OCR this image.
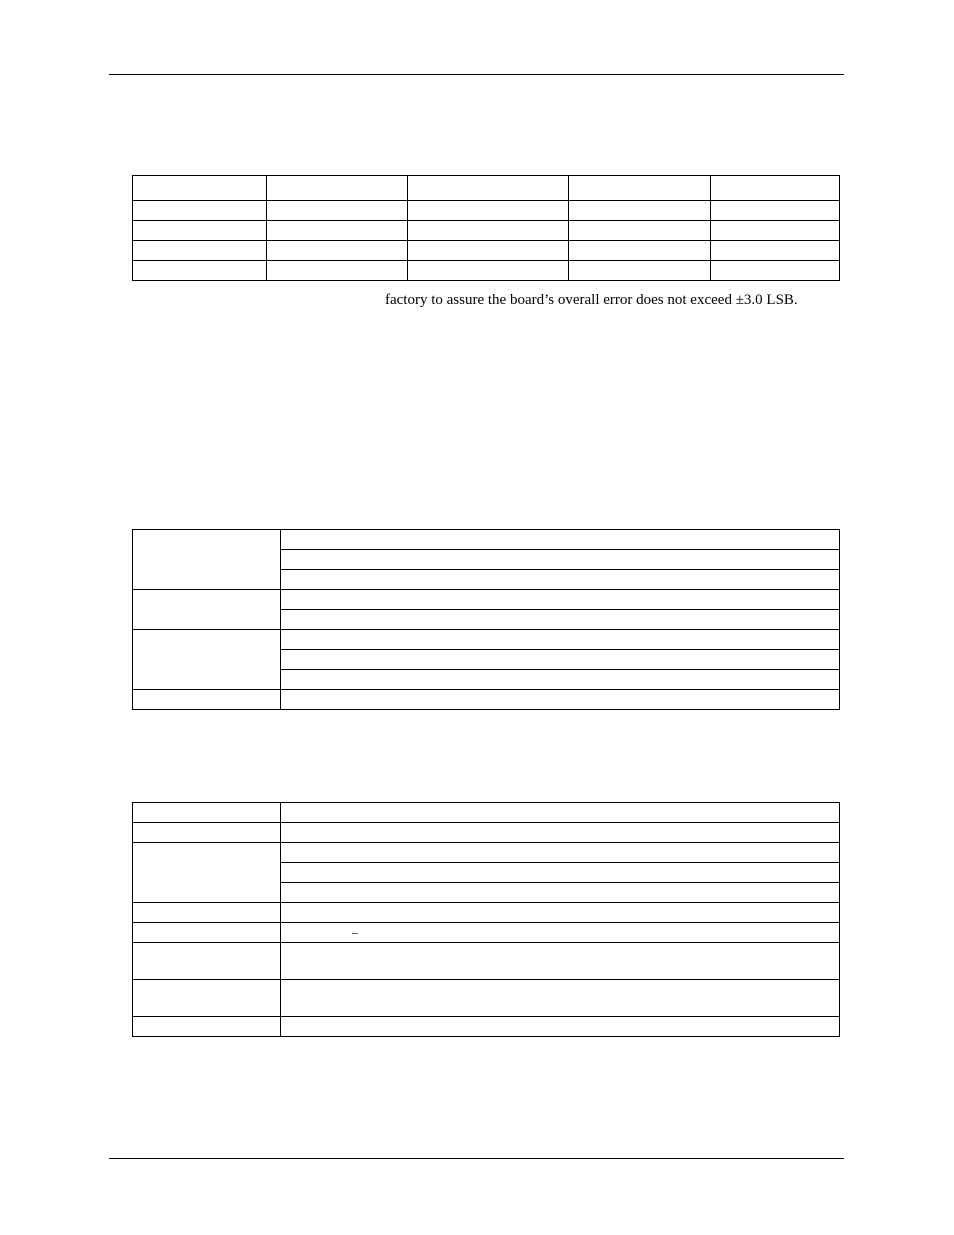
factory to assure the board’s overall error does not exceed ±3.0 LSB.

–
